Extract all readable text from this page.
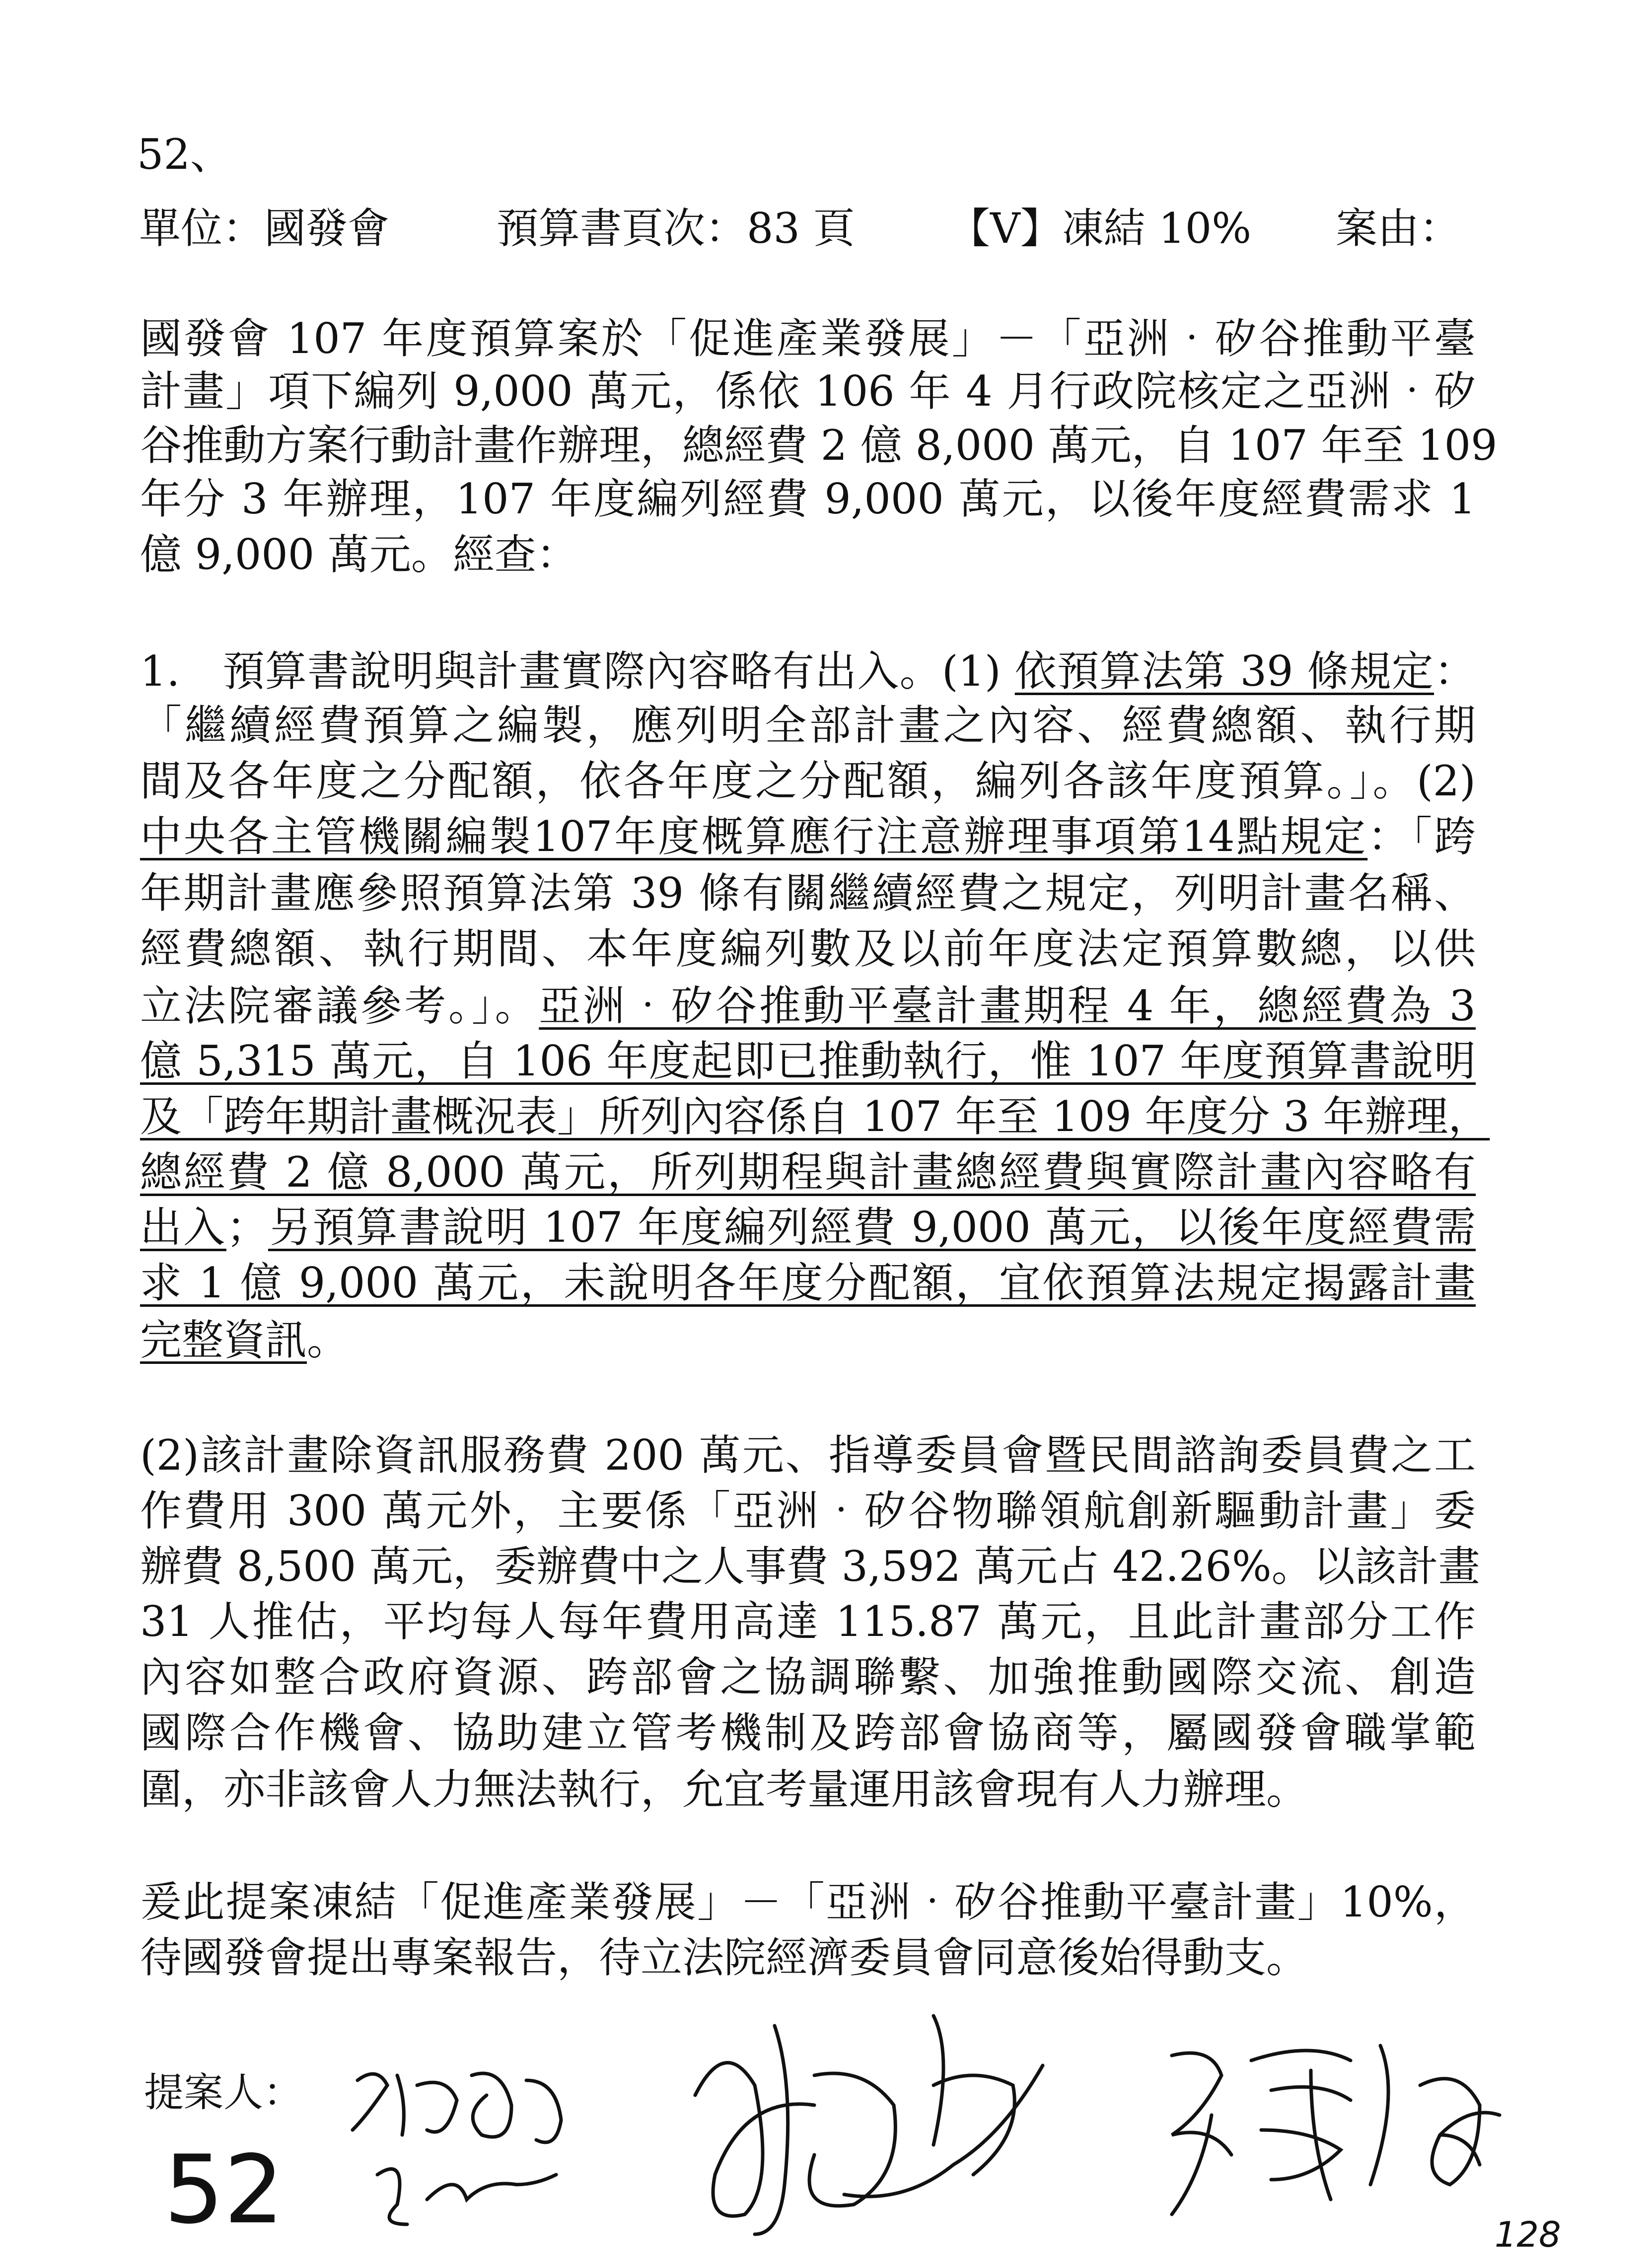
52、
單位：國發會	預算書頁次：83 頁 【V】凍結 10% 案由：
國發會 107 年度預算案於「促進產業發展」－「亞洲‧矽谷推動平臺
計畫」項下編列 9,000 萬元，係依 106 年 4 月行政院核定之亞洲‧矽
谷推動方案行動計畫作辦理，總經費 2 億 8,000 萬元，自 107 年至 109
年分 3 年辦理，107 年度編列經費 9,000 萬元，以後年度經費需求 1
億 9,000 萬元。經查：
1.　預算書說明與計畫實際內容略有出入。(1) 依預算法第 39 條規定：
「繼續經費預算之編製，應列明全部計畫之內容、經費總額、執行期
間及各年度之分配額，依各年度之分配額，編列各該年度預算。」。(2)
中央各主管機關編製107年度概算應行注意辦理事項第14點規定：「跨
年期計畫應參照預算法第 39 條有關繼續經費之規定，列明計畫名稱、
經費總額、執行期間、本年度編列數及以前年度法定預算數總，以供
立法院審議參考。」。亞洲‧矽谷推動平臺計畫期程 4 年，總經費為 3
億 5,315 萬元，自 106 年度起即已推動執行，惟 107 年度預算書說明
及「跨年期計畫概況表」所列內容係自 107 年至 109 年度分 3 年辦理，
總經費 2 億 8,000 萬元，所列期程與計畫總經費與實際計畫內容略有
出入；另預算書說明 107 年度編列經費 9,000 萬元，以後年度經費需
求 1 億 9,000 萬元，未說明各年度分配額，宜依預算法規定揭露計畫
完整資訊。
(2)該計畫除資訊服務費 200 萬元、指導委員會暨民間諮詢委員費之工
作費用 300 萬元外，主要係「亞洲‧矽谷物聯領航創新驅動計畫」委
辦費 8,500 萬元，委辦費中之人事費 3,592 萬元占 42.26%。以該計畫
31 人推估，平均每人每年費用高達 115.87 萬元，且此計畫部分工作
內容如整合政府資源、跨部會之協調聯繫、加強推動國際交流、創造
國際合作機會、協助建立管考機制及跨部會協商等，屬國發會職掌範
圍，亦非該會人力無法執行，允宜考量運用該會現有人力辦理。
爰此提案凍結「促進產業發展」－「亞洲‧矽谷推動平臺計畫」10%，
待國發會提出專案報告，待立法院經濟委員會同意後始得動支。
提案人：
52	128
